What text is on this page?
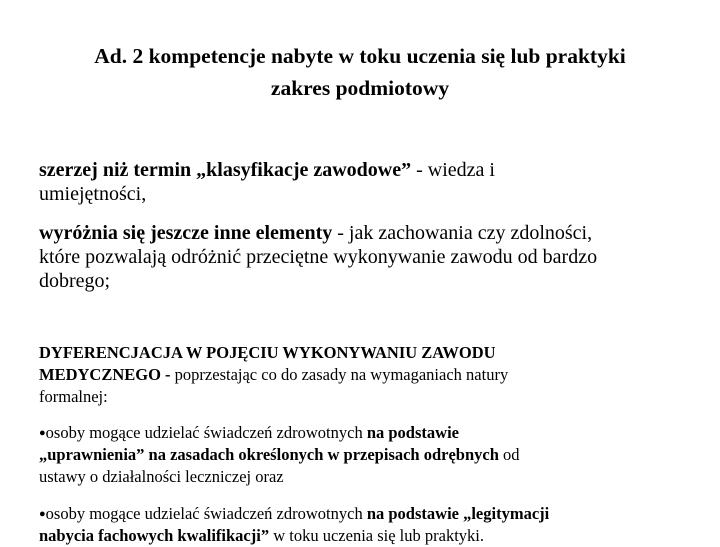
Ad. 2 kompetencje nabyte w toku uczenia się lub praktyki
zakres podmiotowy
szerzej niż termin „klasyfikacje zawodowe” - wiedza i
umiejętności,
wyróżnia się jeszcze inne elementy - jak zachowania czy zdolności,
które pozwalają odróżnić przeciętne wykonywanie zawodu od bardzo
dobrego;
DYFERENCJACJA W POJĘCIU WYKONYWANIU ZAWODU
MEDYCZNEGO - poprzestając co do zasady na wymaganiach natury
formalnej:
●osoby mogące udzielać świadczeń zdrowotnych na podstawie
„uprawnienia” na zasadach określonych w przepisach odrębnych od
ustawy o działalności leczniczej oraz
●osoby mogące udzielać świadczeń zdrowotnych na podstawie „legitymacji
nabycia fachowych kwalifikacji” w toku uczenia się lub praktyki.
